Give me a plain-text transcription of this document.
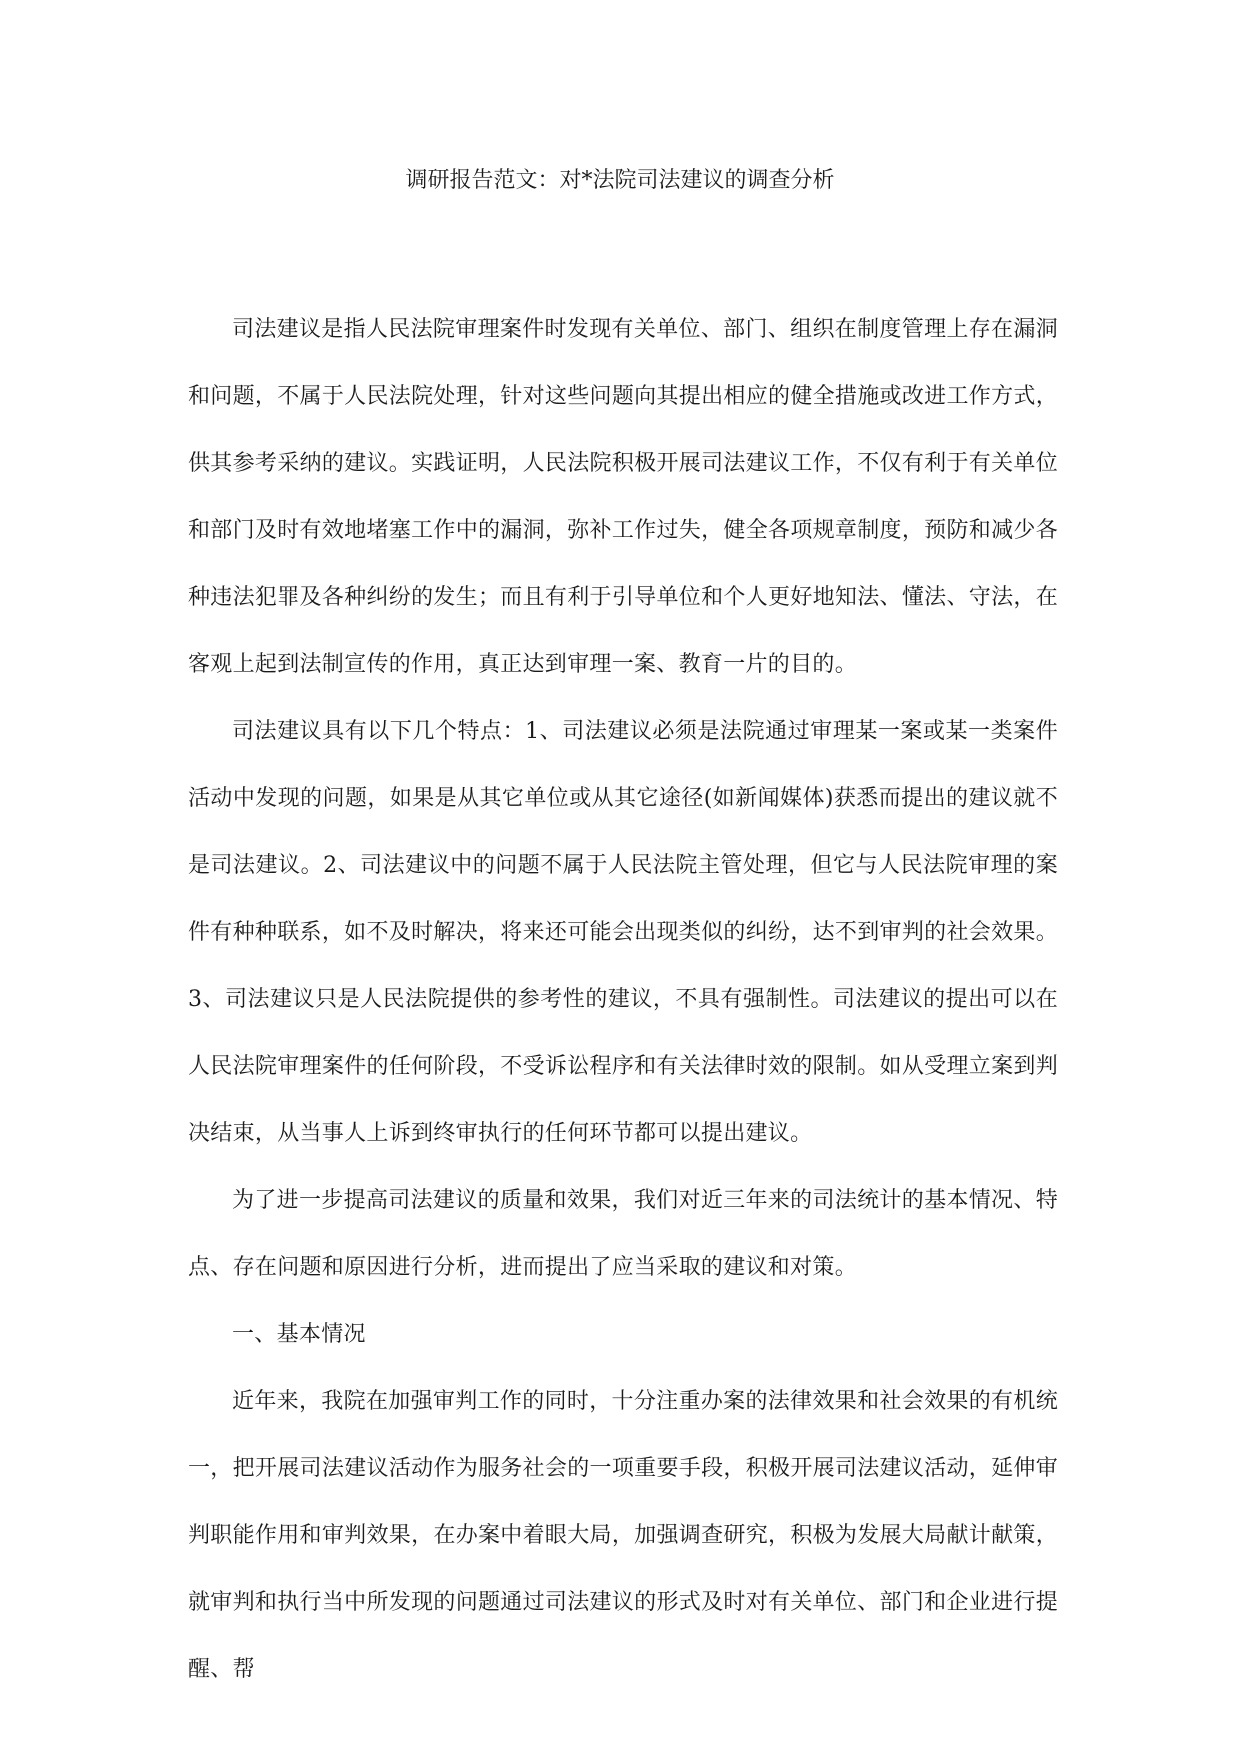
调研报告范文：对*法院司法建议的调查分析

司法建议是指人民法院审理案件时发现有关单位、部门、组织在制度管理上存在漏洞和问题，不属于人民法院处理，针对这些问题向其提出相应的健全措施或改进工作方式，供其参考采纳的建议。实践证明，人民法院积极开展司法建议工作，不仅有利于有关单位和部门及时有效地堵塞工作中的漏洞，弥补工作过失，健全各项规章制度，预防和减少各种违法犯罪及各种纠纷的发生；而且有利于引导单位和个人更好地知法、懂法、守法，在客观上起到法制宣传的作用，真正达到审理一案、教育一片的目的。

司法建议具有以下几个特点：1、司法建议必须是法院通过审理某一案或某一类案件活动中发现的问题，如果是从其它单位或从其它途径(如新闻媒体)获悉而提出的建议就不是司法建议。2、司法建议中的问题不属于人民法院主管处理，但它与人民法院审理的案件有种种联系，如不及时解决，将来还可能会出现类似的纠纷，达不到审判的社会效果。3、司法建议只是人民法院提供的参考性的建议，不具有强制性。司法建议的提出可以在人民法院审理案件的任何阶段，不受诉讼程序和有关法律时效的限制。如从受理立案到判决结束，从当事人上诉到终审执行的任何环节都可以提出建议。

为了进一步提高司法建议的质量和效果，我们对近三年来的司法统计的基本情况、特点、存在问题和原因进行分析，进而提出了应当采取的建议和对策。

一、基本情况

近年来，我院在加强审判工作的同时，十分注重办案的法律效果和社会效果的有机统一，把开展司法建议活动作为服务社会的一项重要手段，积极开展司法建议活动，延伸审判职能作用和审判效果，在办案中着眼大局，加强调查研究，积极为发展大局献计献策，就审判和执行当中所发现的问题通过司法建议的形式及时对有关单位、部门和企业进行提醒、帮
